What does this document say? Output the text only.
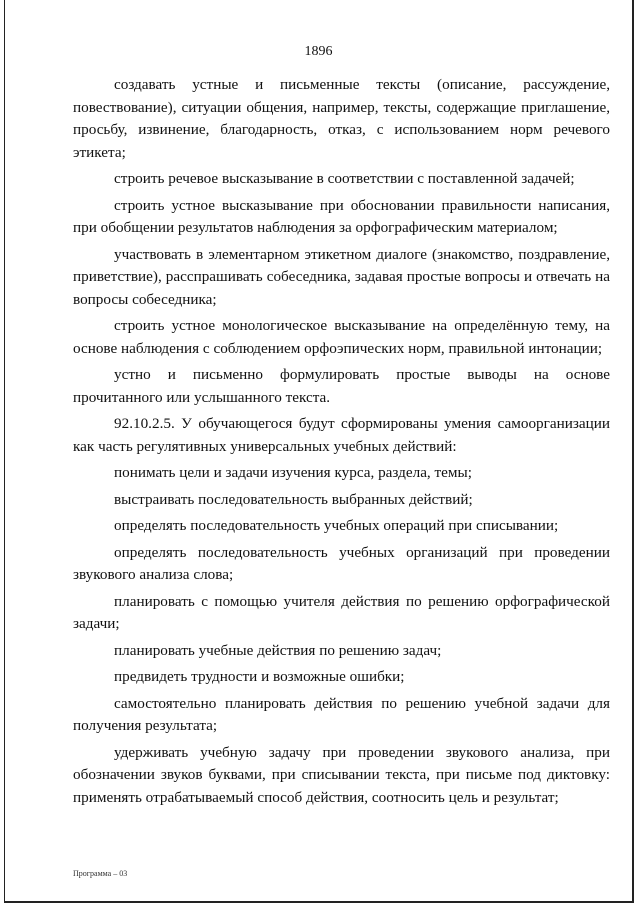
1896

создавать устные и письменные тексты (описание, рассуждение, повествование), ситуации общения, например, тексты, содержащие приглашение, просьбу, извинение, благодарность, отказ, с использованием норм речевого этикета;

строить речевое высказывание в соответствии с поставленной задачей;

строить устное высказывание при обосновании правильности написания, при обобщении результатов наблюдения за орфографическим материалом;

участвовать в элементарном этикетном диалоге (знакомство, поздравление, приветствие), расспрашивать собеседника, задавая простые вопросы и отвечать на вопросы собеседника;

строить устное монологическое высказывание на определённую тему, на основе наблюдения с соблюдением орфоэпических норм, правильной интонации;

устно и письменно формулировать простые выводы на основе прочитанного или услышанного текста.

92.10.2.5. У обучающегося будут сформированы умения самоорганизации как часть регулятивных универсальных учебных действий:

понимать цели и задачи изучения курса, раздела, темы;

выстраивать последовательность выбранных действий;

определять последовательность учебных операций при списывании;

определять последовательность учебных организаций при проведении звукового анализа слова;

планировать с помощью учителя действия по решению орфографической задачи;

планировать учебные действия по решению задач;

предвидеть трудности и возможные ошибки;

самостоятельно планировать действия по решению учебной задачи для получения результата;

удерживать учебную задачу при проведении звукового анализа, при обозначении звуков буквами, при списывании текста, при письме под диктовку: применять отрабатываемый способ действия, соотносить цель и результат;

Программа – 03
